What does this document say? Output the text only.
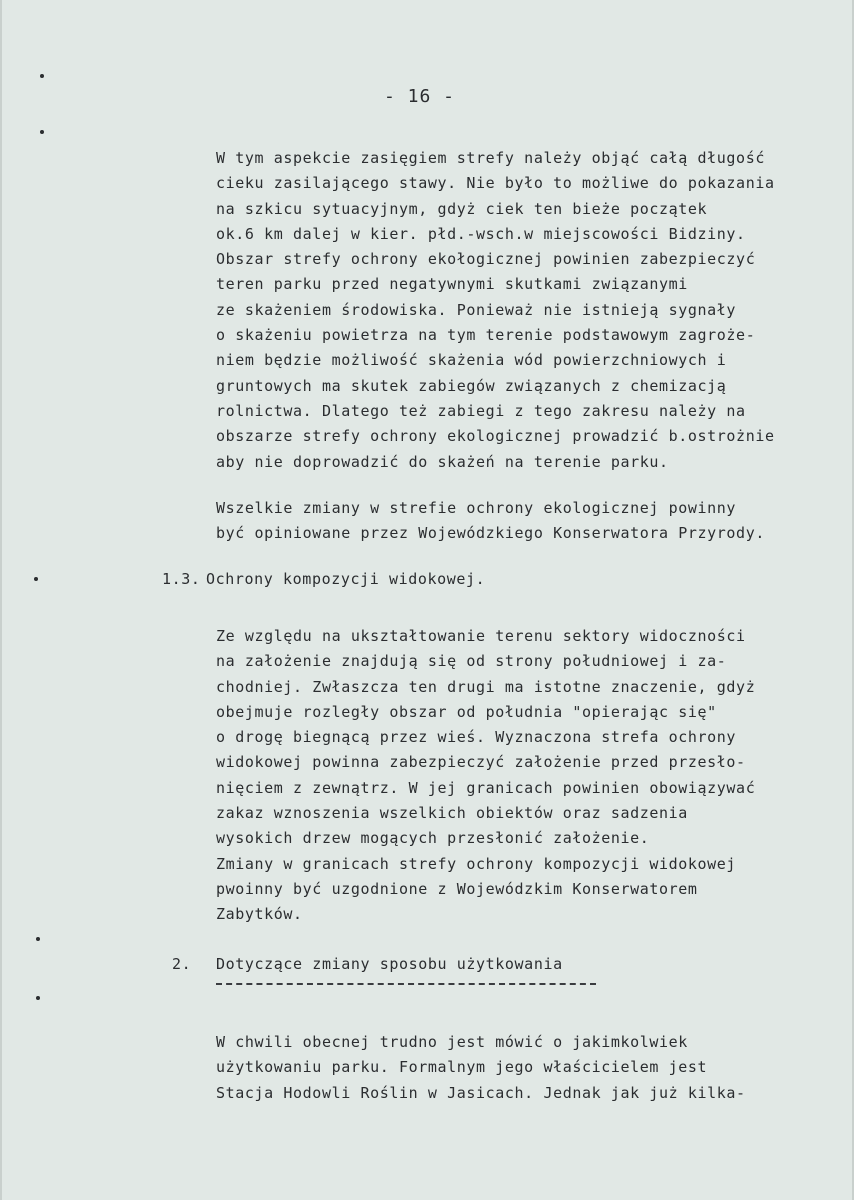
- 16 -
W tym aspekcie zasięgiem strefy należy objąć całą długość
cieku zasilającego stawy. Nie było to możliwe do pokazania
na szkicu sytuacyjnym, gdyż ciek ten bieże początek
ok.6 km dalej w kier. płd.-wsch.w miejscowości Bidziny.
Obszar strefy ochrony ekołogicznej powinien zabezpieczyć
teren parku przed negatywnymi skutkami związanymi
ze skażeniem środowiska. Ponieważ nie istnieją sygnały
o skażeniu powietrza na tym terenie podstawowym zagroże-
niem będzie możliwość skażenia wód powierzchniowych i
gruntowych ma skutek zabiegów związanych z chemizacją
rolnictwa. Dlatego też zabiegi z tego zakresu należy na
obszarze strefy ochrony ekologicznej prowadzić b.ostrożnie
aby nie doprowadzić do skażeń na terenie parku.
Wszelkie zmiany w strefie ochrony ekologicznej powinny
być opiniowane przez Wojewódzkiego Konserwatora Przyrody.
1.3. Ochrony kompozycji widokowej.
Ze względu na ukształtowanie terenu sektory widoczności
na założenie znajdują się od strony południowej i za-
chodniej. Zwłaszcza ten drugi ma istotne znaczenie, gdyż
obejmuje rozległy obszar od południa "opierając się"
o drogę biegnącą przez wieś. Wyznaczona strefa ochrony
widokowej powinna zabezpieczyć założenie przed przesło-
nięciem z zewnątrz. W jej granicach powinien obowiązywać
zakaz wznoszenia wszelkich obiektów oraz sadzenia
wysokich drzew mogących przesłonić założenie.
Zmiany w granicach strefy ochrony kompozycji widokowej
pwoinny być uzgodnione z Wojewódzkim Konserwatorem
Zabytków.
2. Dotyczące zmiany sposobu użytkowania
W chwili obecnej trudno jest mówić o jakimkolwiek
użytkowaniu parku. Formalnym jego właścicielem jest
Stacja Hodowli Roślin w Jasicach. Jednak jak już kilka-
